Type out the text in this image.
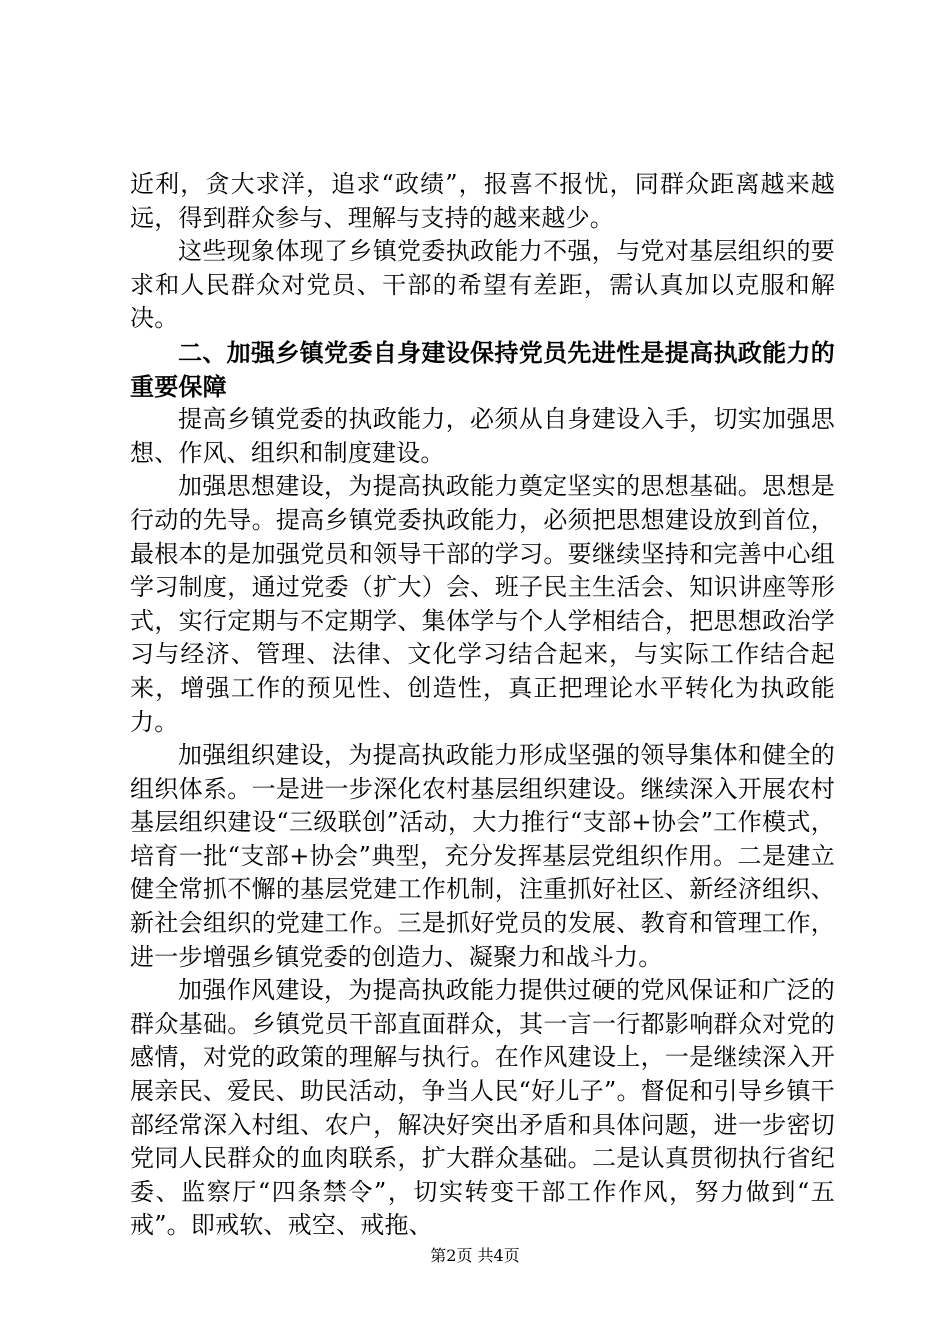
近利，贪大求洋，追求“政绩”，报喜不报忧，同群众距离越来越远，得到群众参与、理解与支持的越来越少。

这些现象体现了乡镇党委执政能力不强，与党对基层组织的要求和人民群众对党员、干部的希望有差距，需认真加以克服和解决。

二、加强乡镇党委自身建设保持党员先进性是提高执政能力的重要保障

提高乡镇党委的执政能力，必须从自身建设入手，切实加强思想、作风、组织和制度建设。

加强思想建设，为提高执政能力奠定坚实的思想基础。思想是行动的先导。提高乡镇党委执政能力，必须把思想建设放到首位，最根本的是加强党员和领导干部的学习。要继续坚持和完善中心组学习制度，通过党委（扩大）会、班子民主生活会、知识讲座等形式，实行定期与不定期学、集体学与个人学相结合，把思想政治学习与经济、管理、法律、文化学习结合起来，与实际工作结合起来，增强工作的预见性、创造性，真正把理论水平转化为执政能力。

加强组织建设，为提高执政能力形成坚强的领导集体和健全的组织体系。一是进一步深化农村基层组织建设。继续深入开展农村基层组织建设“三级联创”活动，大力推行“支部+协会”工作模式，培育一批“支部+协会”典型，充分发挥基层党组织作用。二是建立健全常抓不懈的基层党建工作机制，注重抓好社区、新经济组织、新社会组织的党建工作。三是抓好党员的发展、教育和管理工作，进一步增强乡镇党委的创造力、凝聚力和战斗力。

加强作风建设，为提高执政能力提供过硬的党风保证和广泛的群众基础。乡镇党员干部直面群众，其一言一行都影响群众对党的感情，对党的政策的理解与执行。在作风建设上，一是继续深入开展亲民、爱民、助民活动，争当人民“好儿子”。督促和引导乡镇干部经常深入村组、农户，解决好突出矛盾和具体问题，进一步密切党同人民群众的血肉联系，扩大群众基础。二是认真贯彻执行省纪委、监察厅“四条禁令”，切实转变干部工作作风，努力做到“五戒”。即戒软、戒空、戒拖、

第2页 共4页
